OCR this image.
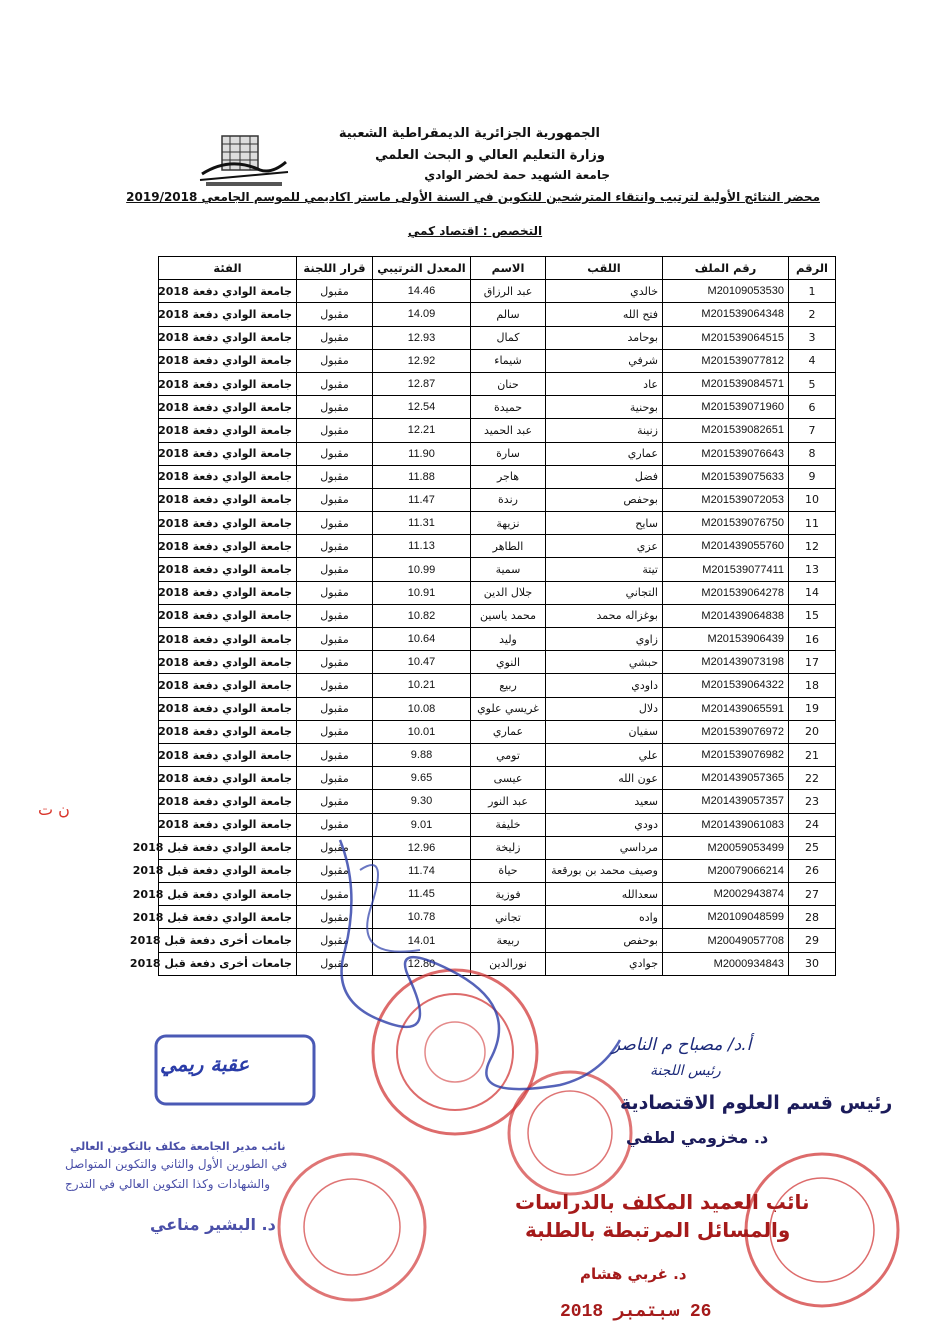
الجمهورية الجزائرية الديمقراطية الشعبية
وزارة التعليم العالي و البحث العلمي
جامعة الشهيد حمة لخضر الوادي
محضر النتائج الأولية لترتيب وانتقاء المترشحين للتكوين في السنة الأولى ماستر اكاديمي للموسم الجامعي 2019/2018
التخصص : اقتصاد كمي
الرقم	رقم الملف	اللقب	الاسم	المعدل الترتيبي	قرار اللجنة	الفئة
1	M20109053530	خالدي	عبد الرزاق	14.46	مقبول	جامعة الوادي دفعة 2018
2	M201539064348	فتح الله	سالم	14.09	مقبول	جامعة الوادي دفعة 2018
3	M201539064515	بوحامد	كمال	12.93	مقبول	جامعة الوادي دفعة 2018
4	M201539077812	شرفي	شيماء	12.92	مقبول	جامعة الوادي دفعة 2018
5	M201539084571	عاد	حنان	12.87	مقبول	جامعة الوادي دفعة 2018
6	M201539071960	بوحنية	حميدة	12.54	مقبول	جامعة الوادي دفعة 2018
7	M201539082651	زنينة	عبد الحميد	12.21	مقبول	جامعة الوادي دفعة 2018
8	M201539076643	عماري	سارة	11.90	مقبول	جامعة الوادي دفعة 2018
9	M201539075633	فضل	هاجر	11.88	مقبول	جامعة الوادي دفعة 2018
10	M201539072053	بوحفص	رندة	11.47	مقبول	جامعة الوادي دفعة 2018
11	M201539076750	سايح	نزيهة	11.31	مقبول	جامعة الوادي دفعة 2018
12	M201439055760	عزي	الطاهر	11.13	مقبول	جامعة الوادي دفعة 2018
13	M201539077411	تيتة	سمية	10.99	مقبول	جامعة الوادي دفعة 2018
14	M201539064278	التجاني	جلال الدين	10.91	مقبول	جامعة الوادي دفعة 2018
15	M201439064838	بوغزاله محمد	محمد ياسين	10.82	مقبول	جامعة الوادي دفعة 2018
16	M20153906439	زاوي	وليد	10.64	مقبول	جامعة الوادي دفعة 2018
17	M201439073198	حبشي	النوي	10.47	مقبول	جامعة الوادي دفعة 2018
18	M201539064322	داودي	ربيع	10.21	مقبول	جامعة الوادي دفعة 2018
19	M201439065591	دلال	غريسي علوي	10.08	مقبول	جامعة الوادي دفعة 2018
20	M201539076972	سفيان	عماري	10.01	مقبول	جامعة الوادي دفعة 2018
21	M201539076982	علي	تومي	9.88	مقبول	جامعة الوادي دفعة 2018
22	M201439057365	عون الله	عيسى	9.65	مقبول	جامعة الوادي دفعة 2018
23	M201439057357	سعيد	عبد النور	9.30	مقبول	جامعة الوادي دفعة 2018
24	M201439061083	دودي	خليفة	9.01	مقبول	جامعة الوادي دفعة 2018
25	M20059053499	مرداسي	زليخة	12.96	مقبول	جامعة الوادي دفعة قبل 2018
26	M20079066214	وصيف محمد بن بورقعة	حياة	11.74	مقبول	جامعة الوادي دفعة قبل 2018
27	M2002943874	سعدالله	فوزية	11.45	مقبول	جامعة الوادي دفعة قبل 2018
28	M20109048599	واده	تجاني	10.78	مقبول	جامعة الوادي دفعة قبل 2018
29	M20049057708	بوحفص	ربيعة	14.01	مقبول	جامعات أخرى دفعة قبل 2018
30	M2000934843	جوادي	نورالدين	12.80	مقبول	جامعات أخرى دفعة قبل 2018
أ.د/ مصباح م الناصر
رئيس اللجنة
رئيس قسم العلوم الاقتصادية
د. مخزومي لطفي
نائب العميد المكلف بالدراسات
والمسائل المرتبطة بالطلبة
د. غربي هشام
26 سبتمبر 2018
نائب مدير الجامعة مكلف بالتكوين العالي
في الطورين الأول والثاني والتكوين المتواصل
والشهادات وكذا التكوين العالي في التدرج
د. البشير مناعي
عقبة ريمي
ﻥ ﺕ
